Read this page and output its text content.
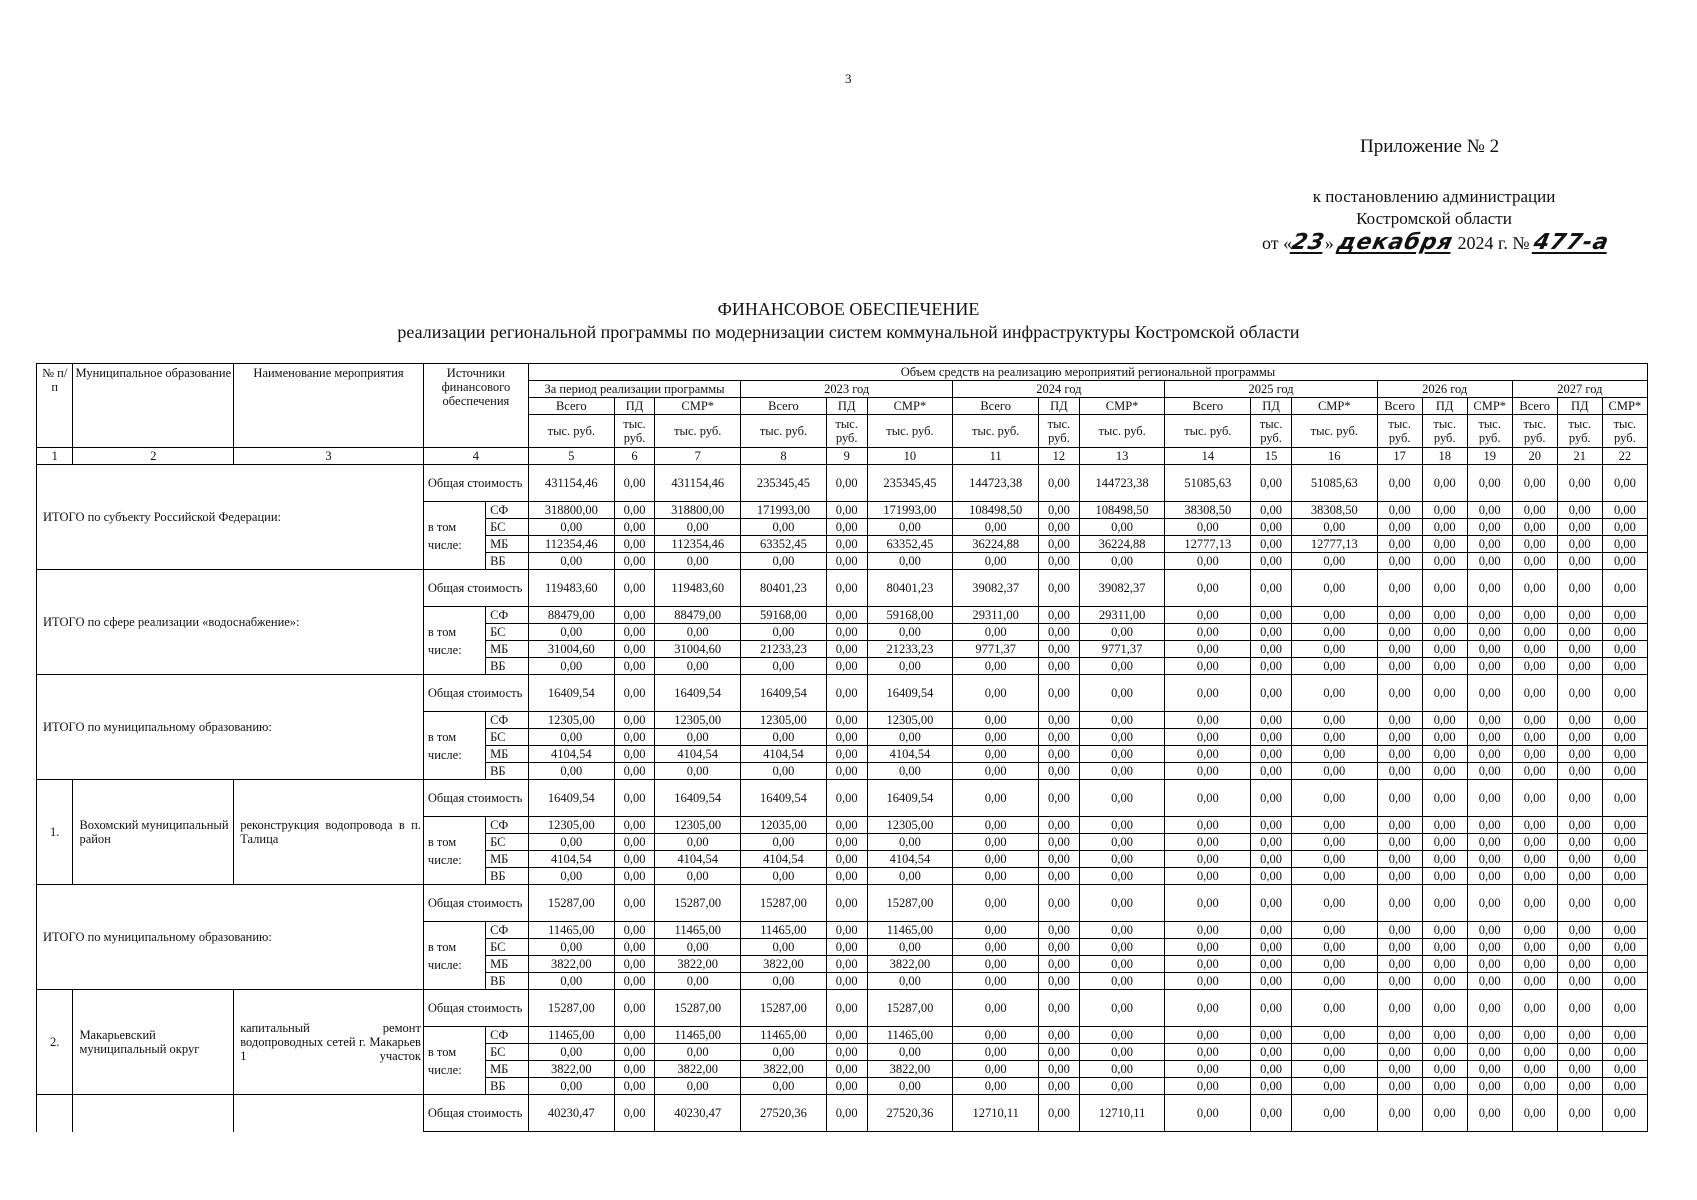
3
Приложение № 2
к постановлению администрации
Костромской области
от «23» декабря 2024 г. № 477-а
ФИНАНСОВОЕ ОБЕСПЕЧЕНИЕ
реализации региональной программы по модернизации систем коммунальной инфраструктуры Костромской области
№ п/п	Муниципальное образование	Наименование мероприятия	Источники финансового обеспечения		Объем средств на реализацию мероприятий региональной программы																	
					За период реализации программы			2023 год			2024 год			2025 год			2026 год			2027 год		
					Всего	ПД	СМР*	Всего	ПД	СМР*	Всего	ПД	СМР*	Всего	ПД	СМР*	Всего	ПД	СМР*	Всего	ПД	СМР*
					тыс. руб.	тыс. руб.	тыс. руб.	тыс. руб.	тыс. руб.	тыс. руб.	тыс. руб.	тыс. руб.	тыс. руб.	тыс. руб.	тыс. руб.	тыс. руб.	тыс. руб.	тыс. руб.	тыс. руб.	тыс. руб.	тыс. руб.	тыс. руб.
1	2	3	4		5	6	7	8	9	10	11	12	13	14	15	16	17	18	19	20	21	22
ИТОГО по субъекту Российской Федерации:			Общая стоимость		431154,46	0,00	431154,46	235345,45	0,00	235345,45	144723,38	0,00	144723,38	51085,63	0,00	51085,63	0,00	0,00	0,00	0,00	0,00	0,00
			в том числе:	СФ	318800,00	0,00	318800,00	171993,00	0,00	171993,00	108498,50	0,00	108498,50	38308,50	0,00	38308,50	0,00	0,00	0,00	0,00	0,00	0,00
				БС	0,00	0,00	0,00	0,00	0,00	0,00	0,00	0,00	0,00	0,00	0,00	0,00	0,00	0,00	0,00	0,00	0,00	0,00
				МБ	112354,46	0,00	112354,46	63352,45	0,00	63352,45	36224,88	0,00	36224,88	12777,13	0,00	12777,13	0,00	0,00	0,00	0,00	0,00	0,00
				ВБ	0,00	0,00	0,00	0,00	0,00	0,00	0,00	0,00	0,00	0,00	0,00	0,00	0,00	0,00	0,00	0,00	0,00	0,00
ИТОГО по сфере реализации «водоснабжение»:			Общая стоимость		119483,60	0,00	119483,60	80401,23	0,00	80401,23	39082,37	0,00	39082,37	0,00	0,00	0,00	0,00	0,00	0,00	0,00	0,00	0,00
			в том числе:	СФ	88479,00	0,00	88479,00	59168,00	0,00	59168,00	29311,00	0,00	29311,00	0,00	0,00	0,00	0,00	0,00	0,00	0,00	0,00	0,00
				БС	0,00	0,00	0,00	0,00	0,00	0,00	0,00	0,00	0,00	0,00	0,00	0,00	0,00	0,00	0,00	0,00	0,00	0,00
				МБ	31004,60	0,00	31004,60	21233,23	0,00	21233,23	9771,37	0,00	9771,37	0,00	0,00	0,00	0,00	0,00	0,00	0,00	0,00	0,00
				ВБ	0,00	0,00	0,00	0,00	0,00	0,00	0,00	0,00	0,00	0,00	0,00	0,00	0,00	0,00	0,00	0,00	0,00	0,00
ИТОГО по муниципальному образованию:			Общая стоимость		16409,54	0,00	16409,54	16409,54	0,00	16409,54	0,00	0,00	0,00	0,00	0,00	0,00	0,00	0,00	0,00	0,00	0,00	0,00
			в том числе:	СФ	12305,00	0,00	12305,00	12305,00	0,00	12305,00	0,00	0,00	0,00	0,00	0,00	0,00	0,00	0,00	0,00	0,00	0,00	0,00
				БС	0,00	0,00	0,00	0,00	0,00	0,00	0,00	0,00	0,00	0,00	0,00	0,00	0,00	0,00	0,00	0,00	0,00	0,00
				МБ	4104,54	0,00	4104,54	4104,54	0,00	4104,54	0,00	0,00	0,00	0,00	0,00	0,00	0,00	0,00	0,00	0,00	0,00	0,00
				ВБ	0,00	0,00	0,00	0,00	0,00	0,00	0,00	0,00	0,00	0,00	0,00	0,00	0,00	0,00	0,00	0,00	0,00	0,00
1.	Вохомский муниципальный район	реконструкция водопровода в п. Талица	Общая стоимость		16409,54	0,00	16409,54	16409,54	0,00	16409,54	0,00	0,00	0,00	0,00	0,00	0,00	0,00	0,00	0,00	0,00	0,00	0,00
			в том числе:	СФ	12305,00	0,00	12305,00	12035,00	0,00	12305,00	0,00	0,00	0,00	0,00	0,00	0,00	0,00	0,00	0,00	0,00	0,00	0,00
				БС	0,00	0,00	0,00	0,00	0,00	0,00	0,00	0,00	0,00	0,00	0,00	0,00	0,00	0,00	0,00	0,00	0,00	0,00
				МБ	4104,54	0,00	4104,54	4104,54	0,00	4104,54	0,00	0,00	0,00	0,00	0,00	0,00	0,00	0,00	0,00	0,00	0,00	0,00
				ВБ	0,00	0,00	0,00	0,00	0,00	0,00	0,00	0,00	0,00	0,00	0,00	0,00	0,00	0,00	0,00	0,00	0,00	0,00
ИТОГО по муниципальному образованию:			Общая стоимость		15287,00	0,00	15287,00	15287,00	0,00	15287,00	0,00	0,00	0,00	0,00	0,00	0,00	0,00	0,00	0,00	0,00	0,00	0,00
			в том числе:	СФ	11465,00	0,00	11465,00	11465,00	0,00	11465,00	0,00	0,00	0,00	0,00	0,00	0,00	0,00	0,00	0,00	0,00	0,00	0,00
				БС	0,00	0,00	0,00	0,00	0,00	0,00	0,00	0,00	0,00	0,00	0,00	0,00	0,00	0,00	0,00	0,00	0,00	0,00
				МБ	3822,00	0,00	3822,00	3822,00	0,00	3822,00	0,00	0,00	0,00	0,00	0,00	0,00	0,00	0,00	0,00	0,00	0,00	0,00
				ВБ	0,00	0,00	0,00	0,00	0,00	0,00	0,00	0,00	0,00	0,00	0,00	0,00	0,00	0,00	0,00	0,00	0,00	0,00
2.	Макарьевский муниципальный округ	капитальный ремонт водопроводных сетей г. Макарьев 1 участок	Общая стоимость		15287,00	0,00	15287,00	15287,00	0,00	15287,00	0,00	0,00	0,00	0,00	0,00	0,00	0,00	0,00	0,00	0,00	0,00	0,00
			в том числе:	СФ	11465,00	0,00	11465,00	11465,00	0,00	11465,00	0,00	0,00	0,00	0,00	0,00	0,00	0,00	0,00	0,00	0,00	0,00	0,00
				БС	0,00	0,00	0,00	0,00	0,00	0,00	0,00	0,00	0,00	0,00	0,00	0,00	0,00	0,00	0,00	0,00	0,00	0,00
				МБ	3822,00	0,00	3822,00	3822,00	0,00	3822,00	0,00	0,00	0,00	0,00	0,00	0,00	0,00	0,00	0,00	0,00	0,00	0,00
				ВБ	0,00	0,00	0,00	0,00	0,00	0,00	0,00	0,00	0,00	0,00	0,00	0,00	0,00	0,00	0,00	0,00	0,00	0,00
			Общая стоимость		40230,47	0,00	40230,47	27520,36	0,00	27520,36	12710,11	0,00	12710,11	0,00	0,00	0,00	0,00	0,00	0,00	0,00	0,00	0,00
